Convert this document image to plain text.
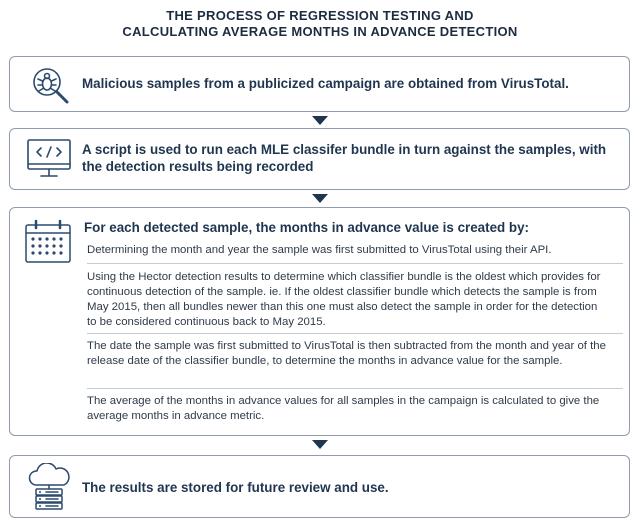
THE PROCESS OF REGRESSION TESTING AND
CALCULATING AVERAGE MONTHS IN ADVANCE DETECTION
Malicious samples from a publicized campaign are obtained from VirusTotal.
A script is used to run each MLE classifer bundle in turn against the samples, with the detection results being recorded
For each detected sample, the months in advance value is created by:
Determining the month and year the sample was first submitted to VirusTotal using their API.
Using the Hector detection results to determine which classifier bundle is the oldest which provides for continuous detection of the sample. ie. If the oldest classifier bundle which detects the sample is from May 2015, then all bundles newer than this one must also detect the sample in order for the detection to be considered continuous back to May 2015.
The date the sample was first submitted to VirusTotal is then subtracted from the month and year of the release date of the classifier bundle, to determine the months in advance value for the sample.
The average of the months in advance values for all samples in the campaign is calculated to give the average months in advance metric.
The results are stored for future review and use.
